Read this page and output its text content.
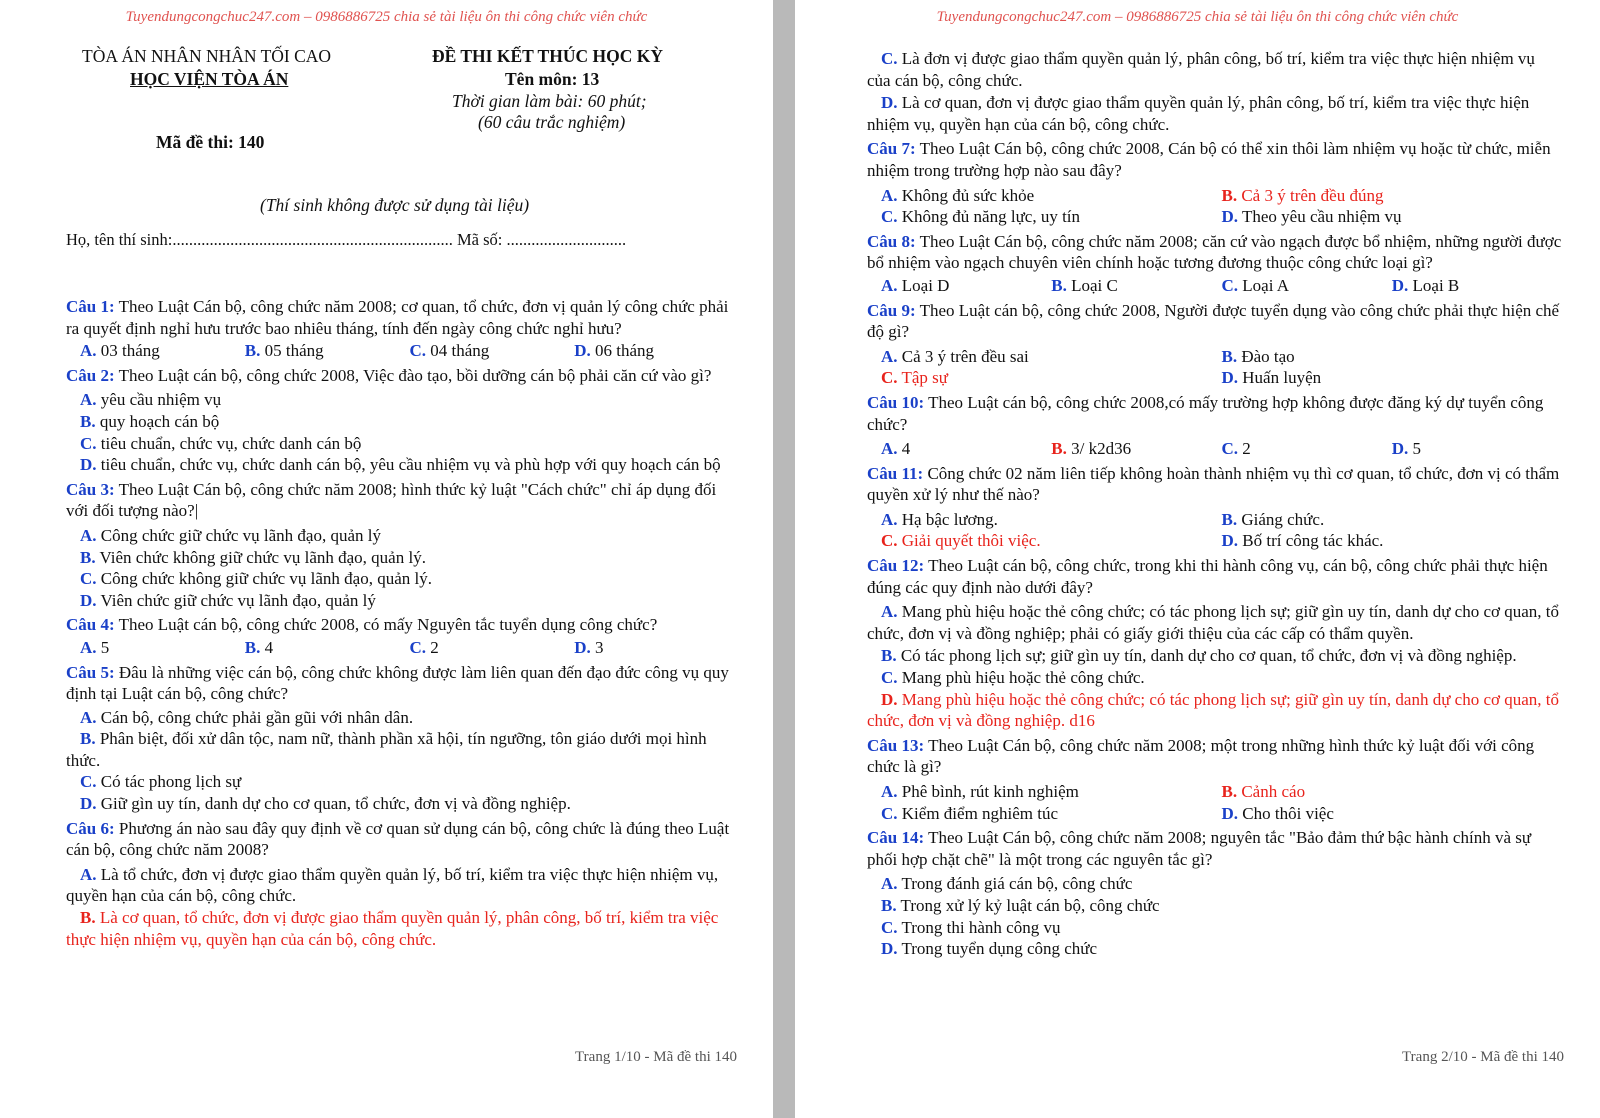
Tuyendungcongchuc247.com – 0986886725 chia sẻ tài liệu ôn thi công chức viên chức
TÒA ÁN NHÂN NHÂN TỐI CAO
HỌC VIỆN TÒA ÁN
ĐỀ THI KẾT THÚC HỌC KỲ
Tên môn: 13
Thời gian làm bài: 60 phút;
(60 câu trắc nghiệm)
Mã đề thi: 140
(Thí sinh không được sử dụng tài liệu)
Họ, tên thí sinh:.................................................................... Mã số: .............................

Câu 1: Theo Luật Cán bộ, công chức năm 2008; cơ quan, tổ chức, đơn vị quản lý công chức phải ra quyết định nghỉ hưu trước bao nhiêu tháng, tính đến ngày công chức nghỉ hưu?

A. 03 tháng	B. 05 tháng	C. 04 tháng	D. 06 tháng

Câu 2: Theo Luật cán bộ, công chức 2008, Việc đào tạo, bồi dưỡng cán bộ phải căn cứ vào gì?

A. yêu cầu nhiệm vụ

B. quy hoạch cán bộ

C. tiêu chuẩn, chức vụ, chức danh cán bộ

D. tiêu chuẩn, chức vụ, chức danh cán bộ, yêu cầu nhiệm vụ và phù hợp với quy hoạch cán bộ

Câu 3: Theo Luật Cán bộ, công chức năm 2008; hình thức kỷ luật "Cách chức" chỉ áp dụng đối với đối tượng nào?|

A. Công chức giữ chức vụ lãnh đạo, quản lý

B. Viên chức không giữ chức vụ lãnh đạo, quản lý.

C. Công chức không giữ chức vụ lãnh đạo, quản lý.

D. Viên chức giữ chức vụ lãnh đạo, quản lý

Câu 4: Theo Luật cán bộ, công chức 2008, có mấy Nguyên tắc tuyển dụng công chức?

A. 5	B. 4	C. 2	D. 3

Câu 5: Đâu là những việc cán bộ, công chức không được làm liên quan đến đạo đức công vụ quy định tại Luật cán bộ, công chức?

A. Cán bộ, công chức phải gần gũi với nhân dân.

B. Phân biệt, đối xử dân tộc, nam nữ, thành phần xã hội, tín ngưỡng, tôn giáo dưới mọi hình thức.

C. Có tác phong lịch sự

D. Giữ gìn uy tín, danh dự cho cơ quan, tổ chức, đơn vị và đồng nghiệp.

Câu 6: Phương án nào sau đây quy định về cơ quan sử dụng cán bộ, công chức là đúng theo Luật cán bộ, công chức năm 2008?

A. Là tổ chức, đơn vị được giao thẩm quyền quản lý, bố trí, kiểm tra việc thực hiện nhiệm vụ, quyền hạn của cán bộ, công chức.

B. Là cơ quan, tổ chức, đơn vị được giao thẩm quyền quản lý, phân công, bố trí, kiểm tra việc thực hiện nhiệm vụ, quyền hạn của cán bộ, công chức.

Trang 1/10 - Mã đề thi 140
Tuyendungcongchuc247.com – 0986886725 chia sẻ tài liệu ôn thi công chức viên chức

C. Là đơn vị được giao thẩm quyền quản lý, phân công, bố trí, kiểm tra việc thực hiện nhiệm vụ của cán bộ, công chức.

D. Là cơ quan, đơn vị được giao thẩm quyền quản lý, phân công, bố trí, kiểm tra việc thực hiện nhiệm vụ, quyền hạn của cán bộ, công chức.

Câu 7: Theo Luật Cán bộ, công chức 2008, Cán bộ có thể xin thôi làm nhiệm vụ hoặc từ chức, miễn nhiệm trong trường hợp nào sau đây?

A. Không đủ sức khỏe	B. Cả 3 ý trên đều đúng
C. Không đủ năng lực, uy tín	D. Theo yêu cầu nhiệm vụ

Câu 8: Theo Luật Cán bộ, công chức năm 2008; căn cứ vào ngạch được bổ nhiệm, những người được bổ nhiệm vào ngạch chuyên viên chính hoặc tương đương thuộc công chức loại gì?

A. Loại D	B. Loại C	C. Loại A	D. Loại B

Câu 9: Theo Luật cán bộ, công chức 2008, Người được tuyển dụng vào công chức phải thực hiện chế độ gì?

A. Cả 3 ý trên đều sai	B. Đào tạo
C. Tập sự	D. Huấn luyện

Câu 10: Theo Luật cán bộ, công chức 2008,có mấy trường hợp không được đăng ký dự tuyển công chức?

A. 4	B. 3/ k2d36	C. 2	D. 5

Câu 11: Công chức 02 năm liên tiếp không hoàn thành nhiệm vụ thì cơ quan, tổ chức, đơn vị có thẩm quyền xử lý như thế nào?

A. Hạ bậc lương.	B. Giáng chức.
C. Giải quyết thôi việc.	D. Bố trí công tác khác.

Câu 12: Theo Luật cán bộ, công chức, trong khi thi hành công vụ, cán bộ, công chức phải thực hiện đúng các quy định nào dưới đây?

A. Mang phù hiệu hoặc thẻ công chức; có tác phong lịch sự; giữ gìn uy tín, danh dự cho cơ quan, tổ chức, đơn vị và đồng nghiệp; phải có giấy giới thiệu của các cấp có thẩm quyền.

B. Có tác phong lịch sự; giữ gìn uy tín, danh dự cho cơ quan, tổ chức, đơn vị và đồng nghiệp.

C. Mang phù hiệu hoặc thẻ công chức.

D. Mang phù hiệu hoặc thẻ công chức; có tác phong lịch sự; giữ gìn uy tín, danh dự cho cơ quan, tổ chức, đơn vị và đồng nghiệp. d16

Câu 13: Theo Luật Cán bộ, công chức năm 2008; một trong những hình thức kỷ luật đối với công chức là gì?

A. Phê bình, rút kinh nghiệm	B. Cảnh cáo
C. Kiểm điểm nghiêm túc	D. Cho thôi việc

Câu 14: Theo Luật Cán bộ, công chức năm 2008; nguyên tắc "Bảo đảm thứ bậc hành chính và sự phối hợp chặt chẽ" là một trong các nguyên tắc gì?

A. Trong đánh giá cán bộ, công chức

B. Trong xử lý kỷ luật cán bộ, công chức

C. Trong thi hành công vụ

D. Trong tuyển dụng công chức

Trang 2/10 - Mã đề thi 140
